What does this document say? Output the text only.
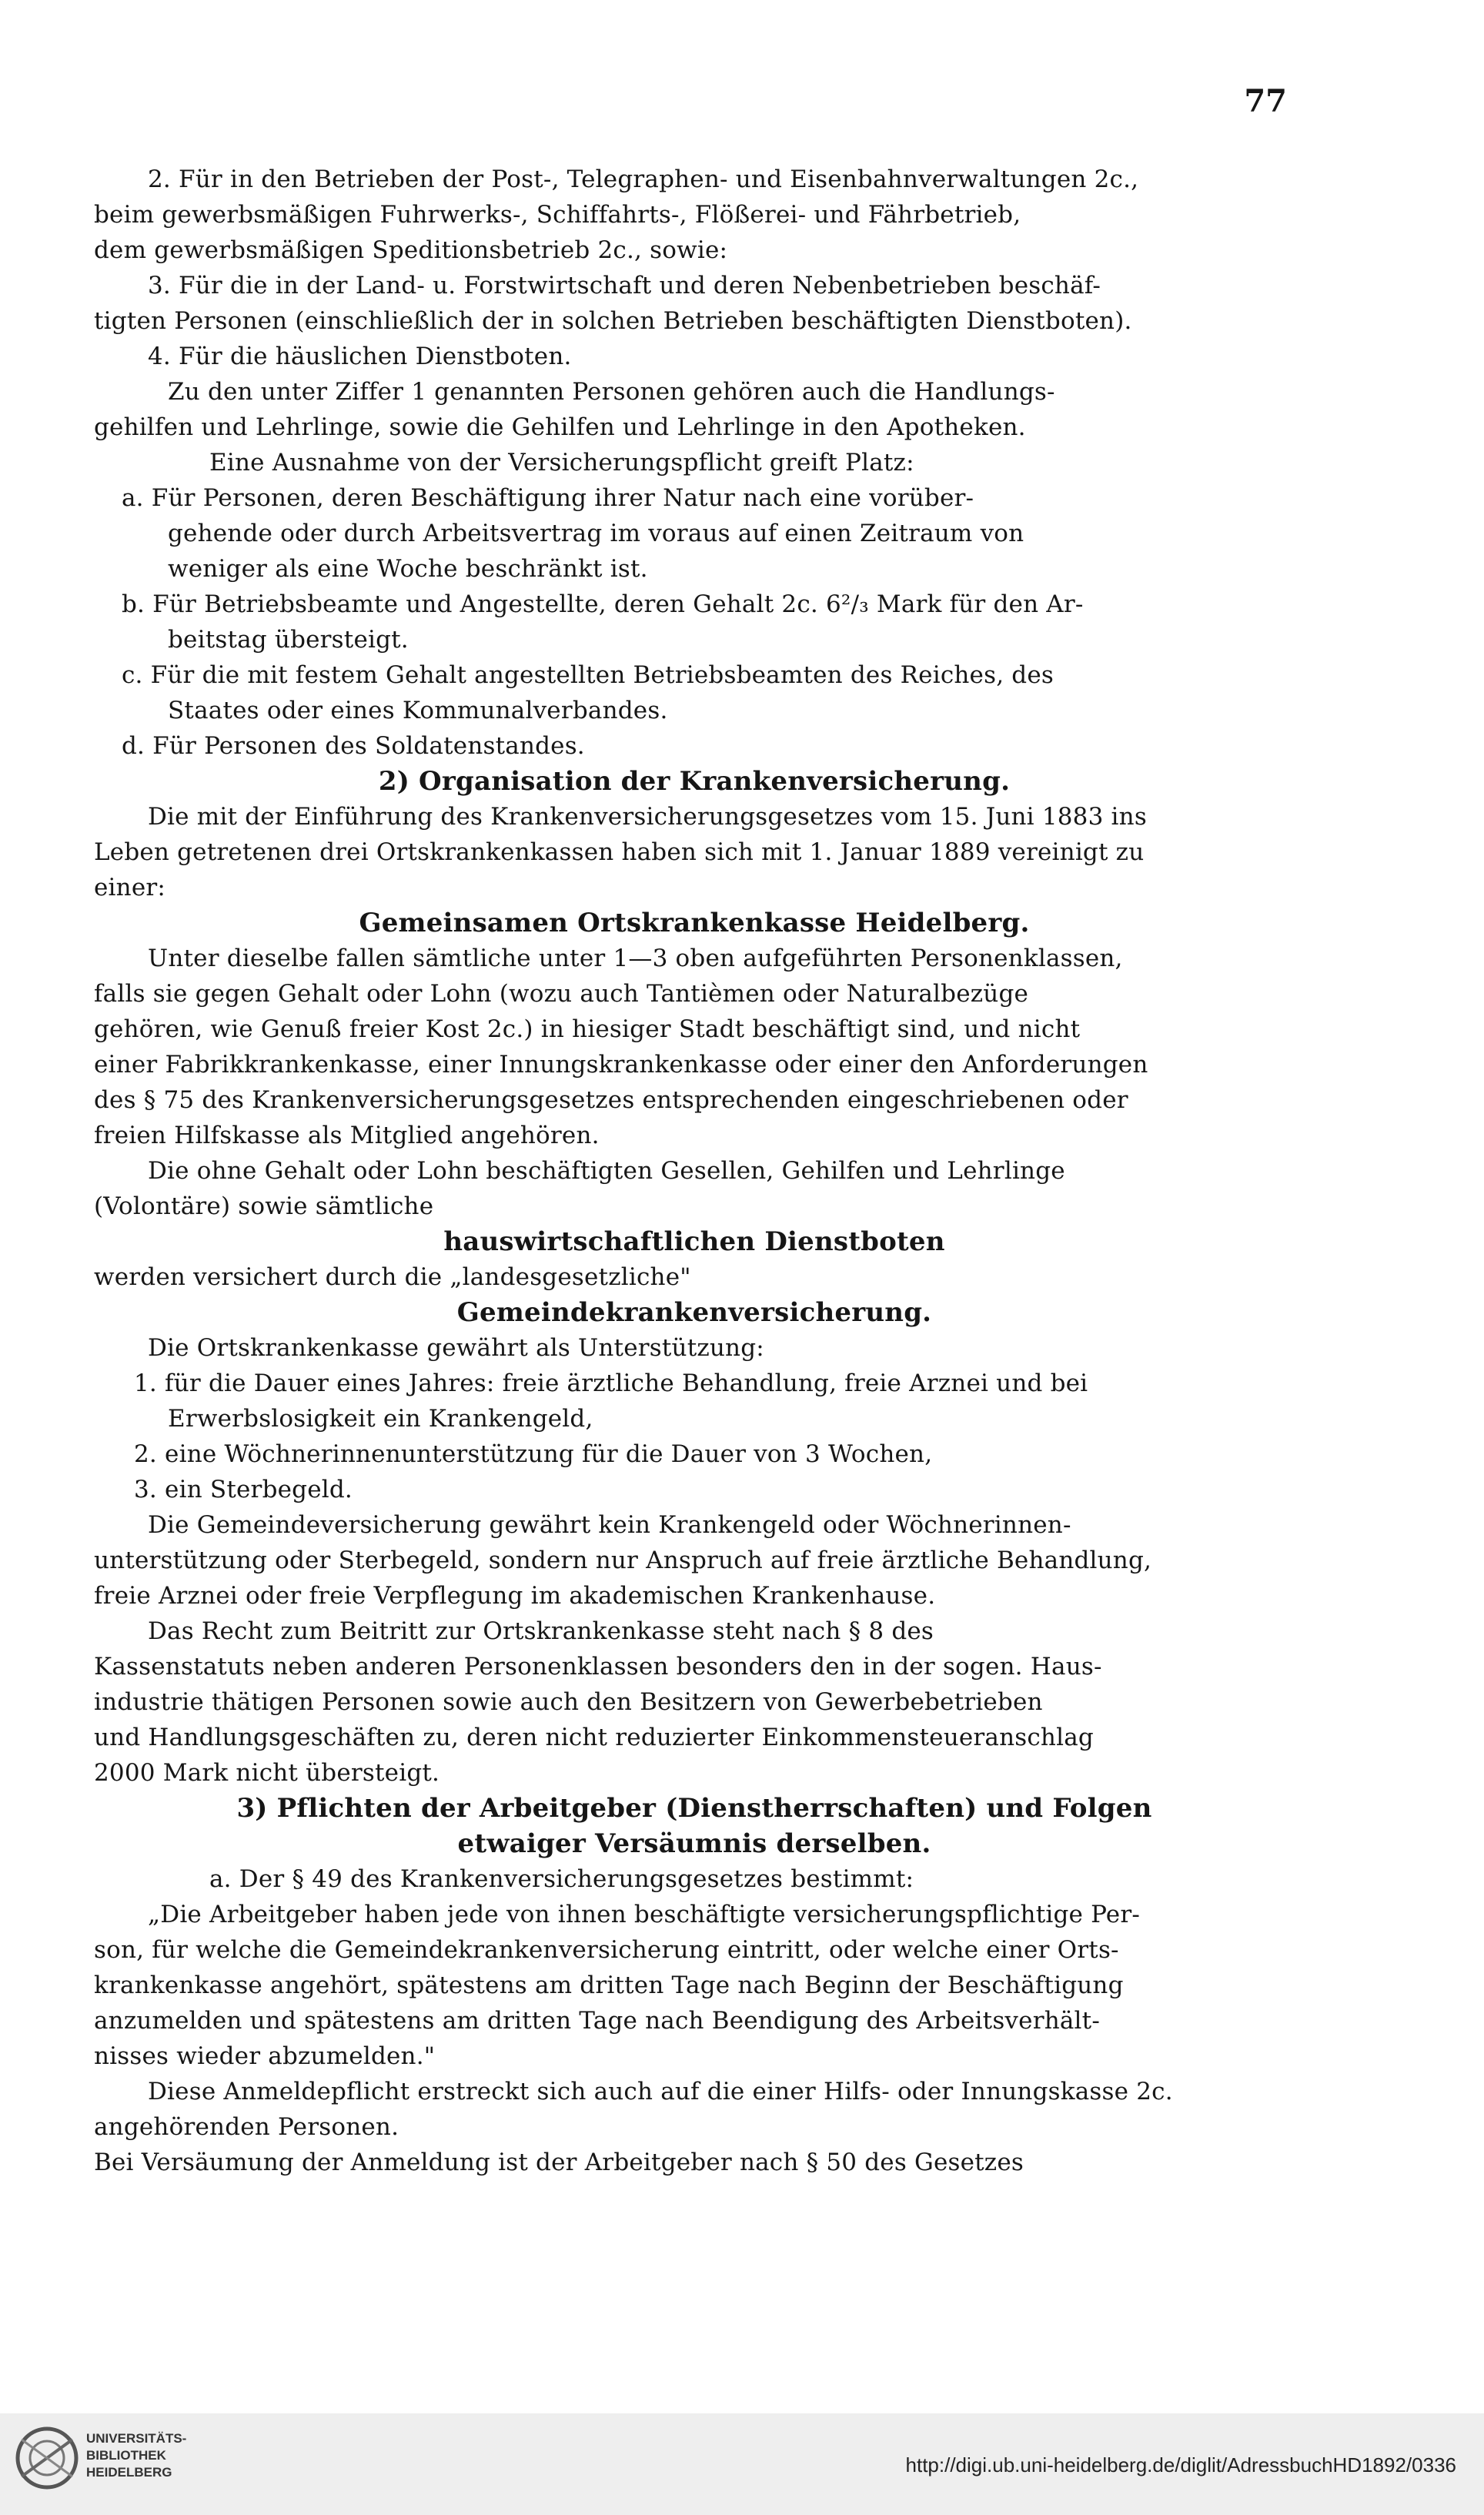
77
2. Für in den Betrieben der Post-, Telegraphen- und Eisenbahnverwaltungen 2c.,
beim gewerbsmäßigen Fuhrwerks-, Schiffahrts-, Flößerei- und Fährbetrieb,
dem gewerbsmäßigen Speditionsbetrieb 2c., sowie:
3. Für die in der Land- u. Forstwirtschaft und deren Nebenbetrieben beschäf-
tigten Personen (einschließlich der in solchen Betrieben beschäftigten Dienstboten).
4. Für die häuslichen Dienstboten.
Zu den unter Ziffer 1 genannten Personen gehören auch die Handlungs-
gehilfen und Lehrlinge, sowie die Gehilfen und Lehrlinge in den Apotheken.
Eine Ausnahme von der Versicherungspflicht greift Platz:
a. Für Personen, deren Beschäftigung ihrer Natur nach eine vorüber-
gehende oder durch Arbeitsvertrag im voraus auf einen Zeitraum von
weniger als eine Woche beschränkt ist.
b. Für Betriebsbeamte und Angestellte, deren Gehalt 2c. 6²/₃ Mark für den Ar-
beitstag übersteigt.
c. Für die mit festem Gehalt angestellten Betriebsbeamten des Reiches, des
Staates oder eines Kommunalverbandes.
d. Für Personen des Soldatenstandes.
2) Organisation der Krankenversicherung.
Die mit der Einführung des Krankenversicherungsgesetzes vom 15. Juni 1883 ins
Leben getretenen drei Ortskrankenkassen haben sich mit 1. Januar 1889 vereinigt zu
einer:
Gemeinsamen Ortskrankenkasse Heidelberg.
Unter dieselbe fallen sämtliche unter 1—3 oben aufgeführten Personenklassen,
falls sie gegen Gehalt oder Lohn (wozu auch Tantièmen oder Naturalbezüge
gehören, wie Genuß freier Kost 2c.) in hiesiger Stadt beschäftigt sind, und nicht
einer Fabrikkrankenkasse, einer Innungskrankenkasse oder einer den Anforderungen
des § 75 des Krankenversicherungsgesetzes entsprechenden eingeschriebenen oder
freien Hilfskasse als Mitglied angehören.
Die ohne Gehalt oder Lohn beschäftigten Gesellen, Gehilfen und Lehrlinge
(Volontäre) sowie sämtliche
hauswirtschaftlichen Dienstboten
werden versichert durch die „landesgesetzliche"
Gemeindekrankenversicherung.
Die Ortskrankenkasse gewährt als Unterstützung:
1. für die Dauer eines Jahres: freie ärztliche Behandlung, freie Arznei und bei
Erwerbslosigkeit ein Krankengeld,
2. eine Wöchnerinnenunterstützung für die Dauer von 3 Wochen,
3. ein Sterbegeld.
Die Gemeindeversicherung gewährt kein Krankengeld oder Wöchnerinnen-
unterstützung oder Sterbegeld, sondern nur Anspruch auf freie ärztliche Behandlung,
freie Arznei oder freie Verpflegung im akademischen Krankenhause.
Das Recht zum Beitritt zur Ortskrankenkasse steht nach § 8 des
Kassenstatuts neben anderen Personenklassen besonders den in der sogen. Haus-
industrie thätigen Personen sowie auch den Besitzern von Gewerbebetrieben
und Handlungsgeschäften zu, deren nicht reduzierter Einkommensteueranschlag
2000 Mark nicht übersteigt.
3) Pflichten der Arbeitgeber (Dienstherrschaften) und Folgen
etwaiger Versäumnis derselben.
a. Der § 49 des Krankenversicherungsgesetzes bestimmt:
„Die Arbeitgeber haben jede von ihnen beschäftigte versicherungspflichtige Per-
son, für welche die Gemeindekrankenversicherung eintritt, oder welche einer Orts-
krankenkasse angehört, spätestens am dritten Tage nach Beginn der Beschäftigung
anzumelden und spätestens am dritten Tage nach Beendigung des Arbeitsverhält-
nisses wieder abzumelden."
Diese Anmeldepflicht erstreckt sich auch auf die einer Hilfs- oder Innungskasse 2c.
angehörenden Personen.
Bei Versäumung der Anmeldung ist der Arbeitgeber nach § 50 des Gesetzes
UNIVERSITÄTS-
BIBLIOTHEK
HEIDELBERG	http://digi.ub.uni-heidelberg.de/diglit/AdressbuchHD1892/0336
